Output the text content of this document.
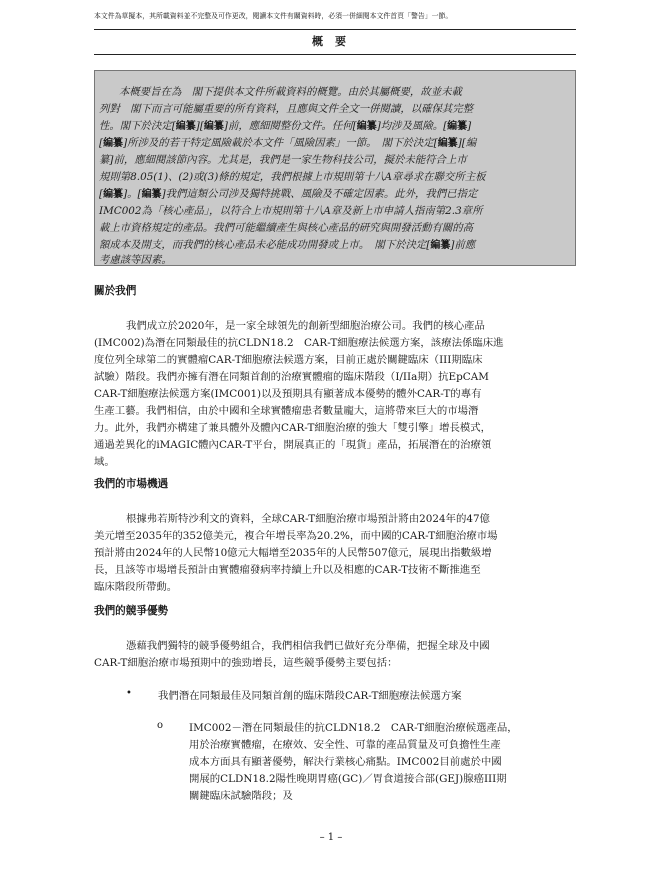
本文件為草擬本，其所載資料並不完整及可作更改，閱讀本文件有關資料時，必須一併細閱本文件首頁「警告」一節。
概要
本概要旨在為　閣下提供本文件所載資料的概覽。由於其屬概要，故並未載
列對　閣下而言可能屬重要的所有資料，且應與文件全文一併閱讀，以確保其完整
性。閣下於決定[編纂][編纂]前，應細閱整份文件。任何[編纂]均涉及風險。[編纂]
[編纂]所涉及的若干特定風險載於本文件「風險因素」一節。　閣下於決定[編纂][編
纂]前，應細閱該節內容。尤其是，我們是一家生物科技公司，擬於未能符合上市
規則第8.05(1)、(2)或(3)條的規定，我們根據上市規則第十八A章尋求在聯交所主板
[編纂]。[編纂]我們這類公司涉及獨特挑戰、風險及不確定因素。此外，我們已指定
IMC002為「核心產品」，以符合上市規則第十八A章及新上市申請人指南第2.3章所
載上市資格規定的產品。我們可能繼續產生與核心產品的研究與開發活動有關的高
額成本及開支，而我們的核心產品未必能成功開發或上市。　閣下於決定[編纂]前應
考慮該等因素。
關於我們
我們成立於2020年，是一家全球領先的創新型細胞治療公司。我們的核心產品
(IMC002)為潛在同類最佳的抗CLDN18.2　CAR-T細胞療法候選方案，該療法係臨床進
度位列全球第二的實體瘤CAR-T細胞療法候選方案，目前正處於關鍵臨床（III期臨床
試驗）階段。我們亦擁有潛在同類首創的治療實體瘤的臨床階段（I/IIa期）抗EpCAM
CAR-T細胞療法候選方案(IMC001)以及預期具有顯著成本優勢的體外CAR-T的專有
生產工藝。我們相信，由於中國和全球實體瘤患者數量龐大，這將帶來巨大的市場潛
力。此外，我們亦構建了兼具體外及體內CAR-T細胞治療的強大「雙引擎」增長模式，
通過差異化的iMAGIC體內CAR-T平台，開展真正的「現貨」產品，拓展潛在的治療領
域。
我們的市場機遇
根據弗若斯特沙利文的資料，全球CAR-T細胞治療市場預計將由2024年的47億
美元增至2035年的352億美元，複合年增長率為20.2%，而中國的CAR-T細胞治療市場
預計將由2024年的人民幣10億元大幅增至2035年的人民幣507億元，展現出指數級增
長，且該等市場增長預計由實體瘤發病率持續上升以及相應的CAR-T技術不斷推進至
臨床階段所帶動。
我們的競爭優勢
憑藉我們獨特的競爭優勢組合，我們相信我們已做好充分準備，把握全球及中國
CAR-T細胞治療市場預期中的強勁增長，這些競爭優勢主要包括：
•	我們潛在同類最佳及同類首創的臨床階段CAR-T細胞療法候選方案
o IMC002－潛在同類最佳的抗CLDN18.2　CAR-T細胞治療候選產品，
用於治療實體瘤，在療效、安全性、可靠的產品質量及可負擔性生產
成本方面具有顯著優勢，解決行業核心痛點。IMC002目前處於中國
開展的CLDN18.2陽性晚期胃癌(GC)／胃食道接合部(GEJ)腺癌III期
關鍵臨床試驗階段；及
– 1 –
